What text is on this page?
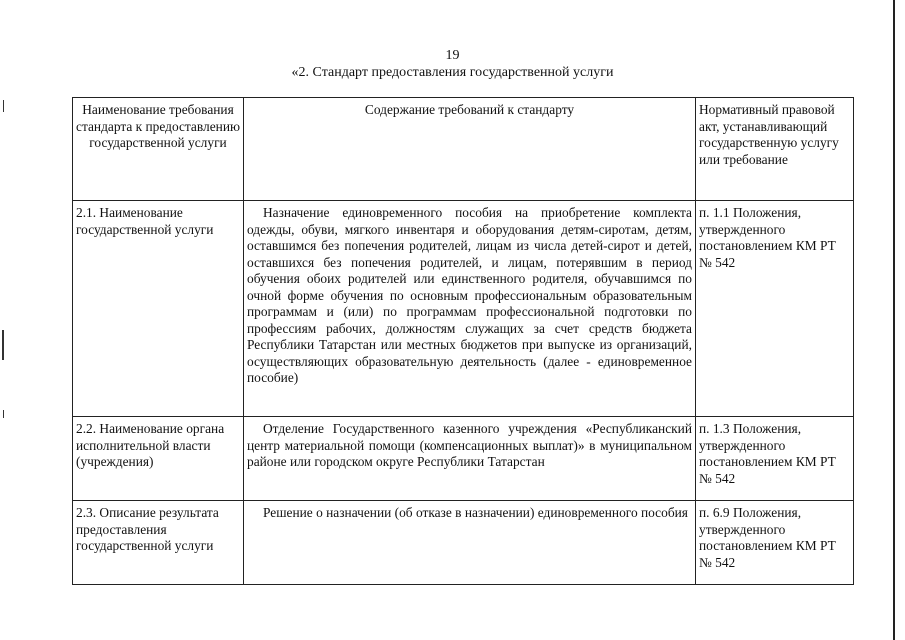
19
«2. Стандарт предоставления государственной услуги
Наименование требования стандарта к предоставлению государственной услуги	Содержание требований к стандарту	Нормативный правовой акт, устанавливающий государственную услугу или требование
2.1. Наименование государственной услуги	Назначение единовременного пособия на приобретение комплекта одежды, обуви, мягкого инвентаря и оборудования детям-сиротам, детям, оставшимся без попечения родителей, лицам из числа детей-сирот и детей, оставшихся без попечения родителей, и лицам, потерявшим в период обучения обоих родителей или единственного родителя, обучавшимся по очной форме обучения по основным профессиональным образовательным программам и (или) по программам профессиональной подготовки по профессиям рабочих, должностям служащих за счет средств бюджета Республики Татарстан или местных бюджетов при выпуске из организаций, осуществляющих образовательную деятельность (далее - единовременное пособие)	п. 1.1 Положения, утвержденного постановлением КМ РТ № 542
2.2. Наименование органа исполнительной власти (учреждения)	Отделение Государственного казенного учреждения «Республиканский центр материальной помощи (компенсационных выплат)» в муниципальном районе или городском округе Республики Татарстан	п. 1.3 Положения, утвержденного постановлением КМ РТ № 542
2.3. Описание результата предоставления государственной услуги	Решение о назначении (об отказе в назначении) единовременного пособия	п. 6.9 Положения, утвержденного постановлением КМ РТ № 542
